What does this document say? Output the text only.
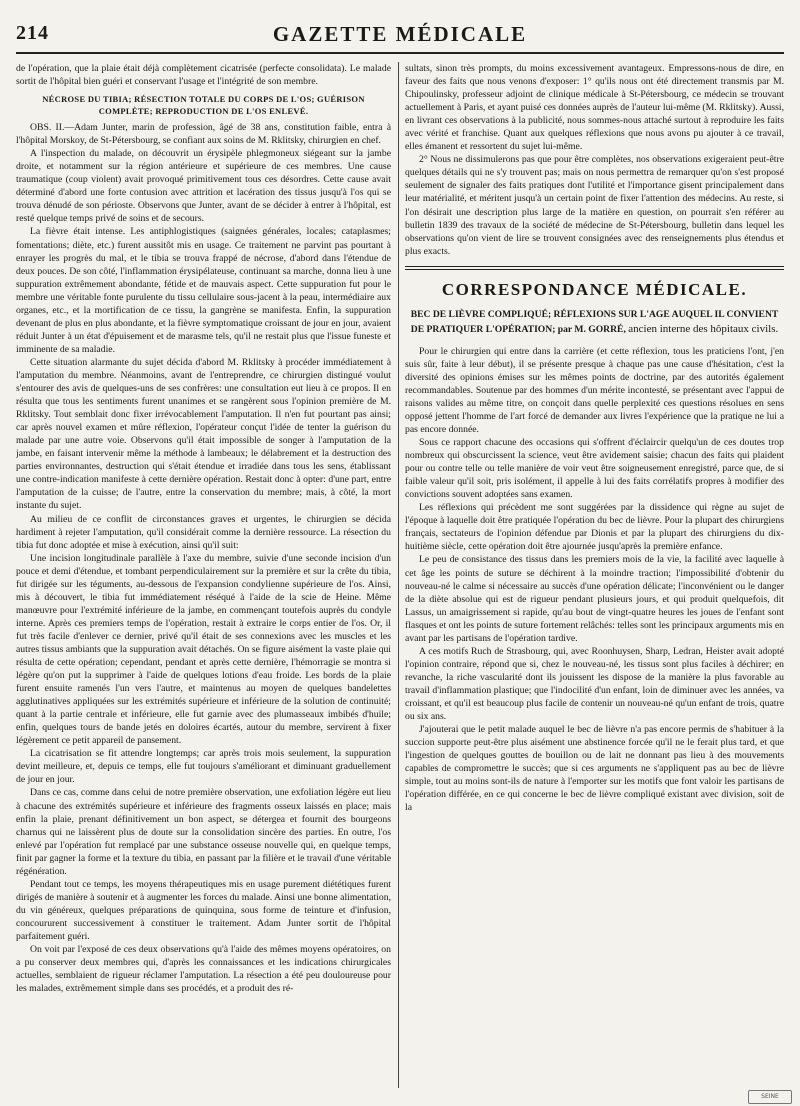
214	GAZETTE MÉDICALE

de l'opération, que la plaie était déjà complètement cicatrisée (perfecte consolidata). Le malade sortit de l'hôpital bien guéri et conservant l'usage et l'intégrité de son membre.

NÉCROSE DU TIBIA; RÉSECTION TOTALE DU CORPS DE L'OS; GUÉRISON COMPLÈTE; REPRODUCTION DE L'OS ENLEVÉ.

OBS. II.—Adam Junter, marin de profession, âgé de 38 ans, constitution faible, entra à l'hôpital Morskoy, de St-Pétersbourg, se confiant aux soins de M. Rklitsky, chirurgien en chef.

A l'inspection du malade, on découvrit un érysipèle phlegmoneux siégeant sur la jambe droite, et notamment sur la région antérieure et supérieure de ces membres. Une cause traumatique (coup violent) avait provoqué primitivement tous ces désordres. Cette cause avait déterminé d'abord une forte contusion avec attrition et lacération des tissus jusqu'à l'os qui se trouva dénudé de son périoste. Observons que Junter, avant de se décider à entrer à l'hôpital, est resté quelque temps privé de soins et de secours.

La fièvre était intense. Les antiphlogistiques (saignées générales, locales; cataplasmes; fomentations; diète, etc.) furent aussitôt mis en usage. Ce traitement ne parvint pas pourtant à enrayer les progrès du mal, et le tibia se trouva frappé de nécrose, d'abord dans l'étendue de deux pouces. De son côté, l'inflammation érysipélateuse, continuant sa marche, donna lieu à une suppuration extrêmement abondante, fétide et de mauvais aspect. Cette suppuration fut pour le membre une véritable fonte purulente du tissu cellulaire sous-jacent à la peau, intermédiaire aux organes, etc., et la mortification de ce tissu, la gangrène se manifesta. Enfin, la suppuration devenant de plus en plus abondante, et la fièvre symptomatique croissant de jour en jour, avaient réduit Junter à un état d'épuisement et de marasme tels, qu'il ne restait plus que l'issue funeste et imminente de sa maladie.

Cette situation alarmante du sujet décida d'abord M. Rklitsky à procéder immédiatement à l'amputation du membre. Néanmoins, avant de l'entreprendre, ce chirurgien distingué voulut s'entourer des avis de quelques-uns de ses confrères: une consultation eut lieu à ce propos. Il en résulta que tous les sentiments furent unanimes et se rangèrent sous l'opinion première de M. Rklitsky. Tout semblait donc fixer irrévocablement l'amputation. Il n'en fut pourtant pas ainsi; car après nouvel examen et mûre réflexion, l'opérateur conçut l'idée de tenter la guérison du malade par une autre voie. Observons qu'il était impossible de songer à l'amputation de la jambe, en faisant intervenir même la méthode à lambeaux; le délabrement et la destruction des parties environnantes, destruction qui s'était étendue et irradiée dans tous les sens, établissant une contre-indication manifeste à cette dernière opération. Restait donc à opter: d'une part, entre l'amputation de la cuisse; de l'autre, entre la conservation du membre; mais, à côté, la mort instante du sujet.

Au milieu de ce conflit de circonstances graves et urgentes, le chirurgien se décida hardiment à rejeter l'amputation, qu'il considérait comme la dernière ressource. La résection du tibia fut donc adoptée et mise à exécution, ainsi qu'il suit:

Une incision longitudinale parallèle à l'axe du membre, suivie d'une seconde incision d'un pouce et demi d'étendue, et tombant perpendiculairement sur la première et sur la crête du tibia, fut dirigée sur les téguments, au-dessous de l'expansion condylienne supérieure de l'os. Ainsi, mis à découvert, le tibia fut immédiatement réséqué à l'aide de la scie de Heine. Même manœuvre pour l'extrémité inférieure de la jambe, en commençant toutefois auprès du condyle interne. Après ces premiers temps de l'opération, restait à extraire le corps entier de l'os. Or, il fut très facile d'enlever ce dernier, privé qu'il était de ses connexions avec les muscles et les autres tissus ambiants que la suppuration avait détachés. On se figure aisément la vaste plaie qui résulta de cette opération; cependant, pendant et après cette dernière, l'hémorragie se montra si légère qu'on put la supprimer à l'aide de quelques lotions d'eau froide. Les bords de la plaie furent ensuite ramenés l'un vers l'autre, et maintenus au moyen de quelques bandelettes agglutinatives appliquées sur les extrémités supérieure et inférieure de la solution de continuité; quant à la partie centrale et inférieure, elle fut garnie avec des plumasseaux imbibés d'huile; enfin, quelques tours de bande jetés en doloires écartés, autour du membre, servirent à fixer légèrement ce petit appareil de pansement.

La cicatrisation se fit attendre longtemps; car après trois mois seulement, la suppuration devint meilleure, et, depuis ce temps, elle fut toujours s'améliorant et diminuant graduellement de jour en jour.

Dans ce cas, comme dans celui de notre première observation, une exfoliation légère eut lieu à chacune des extrémités supérieure et inférieure des fragments osseux laissés en place; mais enfin la plaie, prenant définitivement un bon aspect, se détergea et fournit des bourgeons charnus qui ne laissèrent plus de doute sur la consolidation sincère des parties. En outre, l'os enlevé par l'opération fut remplacé par une substance osseuse nouvelle qui, en quelque temps, finit par gagner la forme et la texture du tibia, en passant par la filière et le travail d'une véritable régénération.

Pendant tout ce temps, les moyens thérapeutiques mis en usage purement diététiques furent dirigés de manière à soutenir et à augmenter les forces du malade. Ainsi une bonne alimentation, du vin généreux, quelques préparations de quinquina, sous forme de teinture et d'infusion, concoururent successivement à constituer le traitement. Adam Junter sortit de l'hôpital parfaitement guéri.

On voit par l'exposé de ces deux observations qu'à l'aide des mêmes moyens opératoires, on a pu conserver deux membres qui, d'après les connaissances et les indications chirurgicales actuelles, semblaient de rigueur réclamer l'amputation. La résection a été peu douloureuse pour les malades, extrêmement simple dans ses procédés, et a produit des ré-

sultats, sinon très prompts, du moins excessivement avantageux. Empressons-nous de dire, en faveur des faits que nous venons d'exposer: 1° qu'ils nous ont été directement transmis par M. Chipoulinsky, professeur adjoint de clinique médicale à St-Pétersbourg, ce médecin se trouvant actuellement à Paris, et ayant puisé ces données auprès de l'auteur lui-même (M. Rklitsky). Aussi, en livrant ces observations à la publicité, nous sommes-nous attaché surtout à reproduire les faits avec vérité et franchise. Quant aux quelques réflexions que nous avons pu ajouter à ce travail, elles émanent et ressortent du sujet lui-même.

2° Nous ne dissimulerons pas que pour être complètes, nos observations exigeraient peut-être quelques détails qui ne s'y trouvent pas; mais on nous permettra de remarquer qu'on s'est proposé seulement de signaler des faits pratiques dont l'utilité et l'importance gisent principalement dans leur matérialité, et méritent jusqu'à un certain point de fixer l'attention des médecins. Au reste, si l'on désirait une description plus large de la matière en question, on pourrait s'en référer au bulletin 1839 des travaux de la société de médecine de St-Pétersbourg, bulletin dans lequel les observations qu'on vient de lire se trouvent consignées avec des renseignements plus étendus et plus exacts.

CORRESPONDANCE MÉDICALE.
BEC DE LIÈVRE COMPLIQUÉ; RÉFLEXIONS SUR L'AGE AUQUEL IL CONVIENT DE PRATIQUER L'OPÉRATION; par M. GORRÉ, ancien interne des hôpitaux civils.

Pour le chirurgien qui entre dans la carrière (et cette réflexion, tous les praticiens l'ont, j'en suis sûr, faite à leur début), il se présente presque à chaque pas une cause d'hésitation, c'est la diversité des opinions émises sur les mêmes points de doctrine, par des autorités également recommandables. Soutenue par des hommes d'un mérite incontesté, se présentant avec l'appui de raisons valides au même titre, on conçoit dans quelle perplexité ces questions résolues en sens opposé jettent l'homme de l'art forcé de demander aux livres l'expérience que la pratique ne lui a pas encore donnée.

Sous ce rapport chacune des occasions qui s'offrent d'éclaircir quelqu'un de ces doutes trop nombreux qui obscurcissent la science, veut être avidement saisie; chacun des faits qui plaident pour ou contre telle ou telle manière de voir veut être soigneusement enregistré, parce que, de si faible valeur qu'il soit, pris isolément, il appelle à lui des faits corrélatifs propres à modifier des convictions souvent adoptées sans examen.

Les réflexions qui précèdent me sont suggérées par la dissidence qui règne au sujet de l'époque à laquelle doit être pratiquée l'opération du bec de lièvre. Pour la plupart des chirurgiens français, sectateurs de l'opinion défendue par Dionis et par la plupart des chirurgiens du dix-huitième siècle, cette opération doit être ajournée jusqu'après la première enfance.

Le peu de consistance des tissus dans les premiers mois de la vie, la facilité avec laquelle à cet âge les points de suture se déchirent à la moindre traction; l'impossibilité d'obtenir du nouveau-né le calme si nécessaire au succès d'une opération délicate; l'inconvénient ou le danger de la diète absolue qui est de rigueur pendant plusieurs jours, et qui produit quelquefois, dit Lassus, un amaigrissement si rapide, qu'au bout de vingt-quatre heures les joues de l'enfant sont flasques et ont les points de suture fortement relâchés: telles sont les principaux arguments mis en avant par les partisans de l'opération tardive.

A ces motifs Ruch de Strasbourg, qui, avec Roonhuysen, Sharp, Ledran, Heister avait adopté l'opinion contraire, répond que si, chez le nouveau-né, les tissus sont plus faciles à déchirer; en revanche, la riche vascularité dont ils jouissent les dispose de la manière la plus favorable au travail d'inflammation plastique; que l'indocilité d'un enfant, loin de diminuer avec les années, va croissant, et qu'il est beaucoup plus facile de contenir un nouveau-né qu'un enfant de trois, quatre ou six ans.

J'ajouterai que le petit malade auquel le bec de lièvre n'a pas encore permis de s'habituer à la succion supporte peut-être plus aisément une abstinence forcée qu'il ne le ferait plus tard, et que l'ingestion de quelques gouttes de bouillon ou de lait ne donnant pas lieu à des mouvements capables de compromettre le succès; que si ces arguments ne s'appliquent pas au bec de lièvre simple, tout au moins sont-ils de nature à l'emporter sur les motifs que font valoir les partisans de l'opération différée, en ce qui concerne le bec de lièvre compliqué existant avec division, soit de la

SEINE
